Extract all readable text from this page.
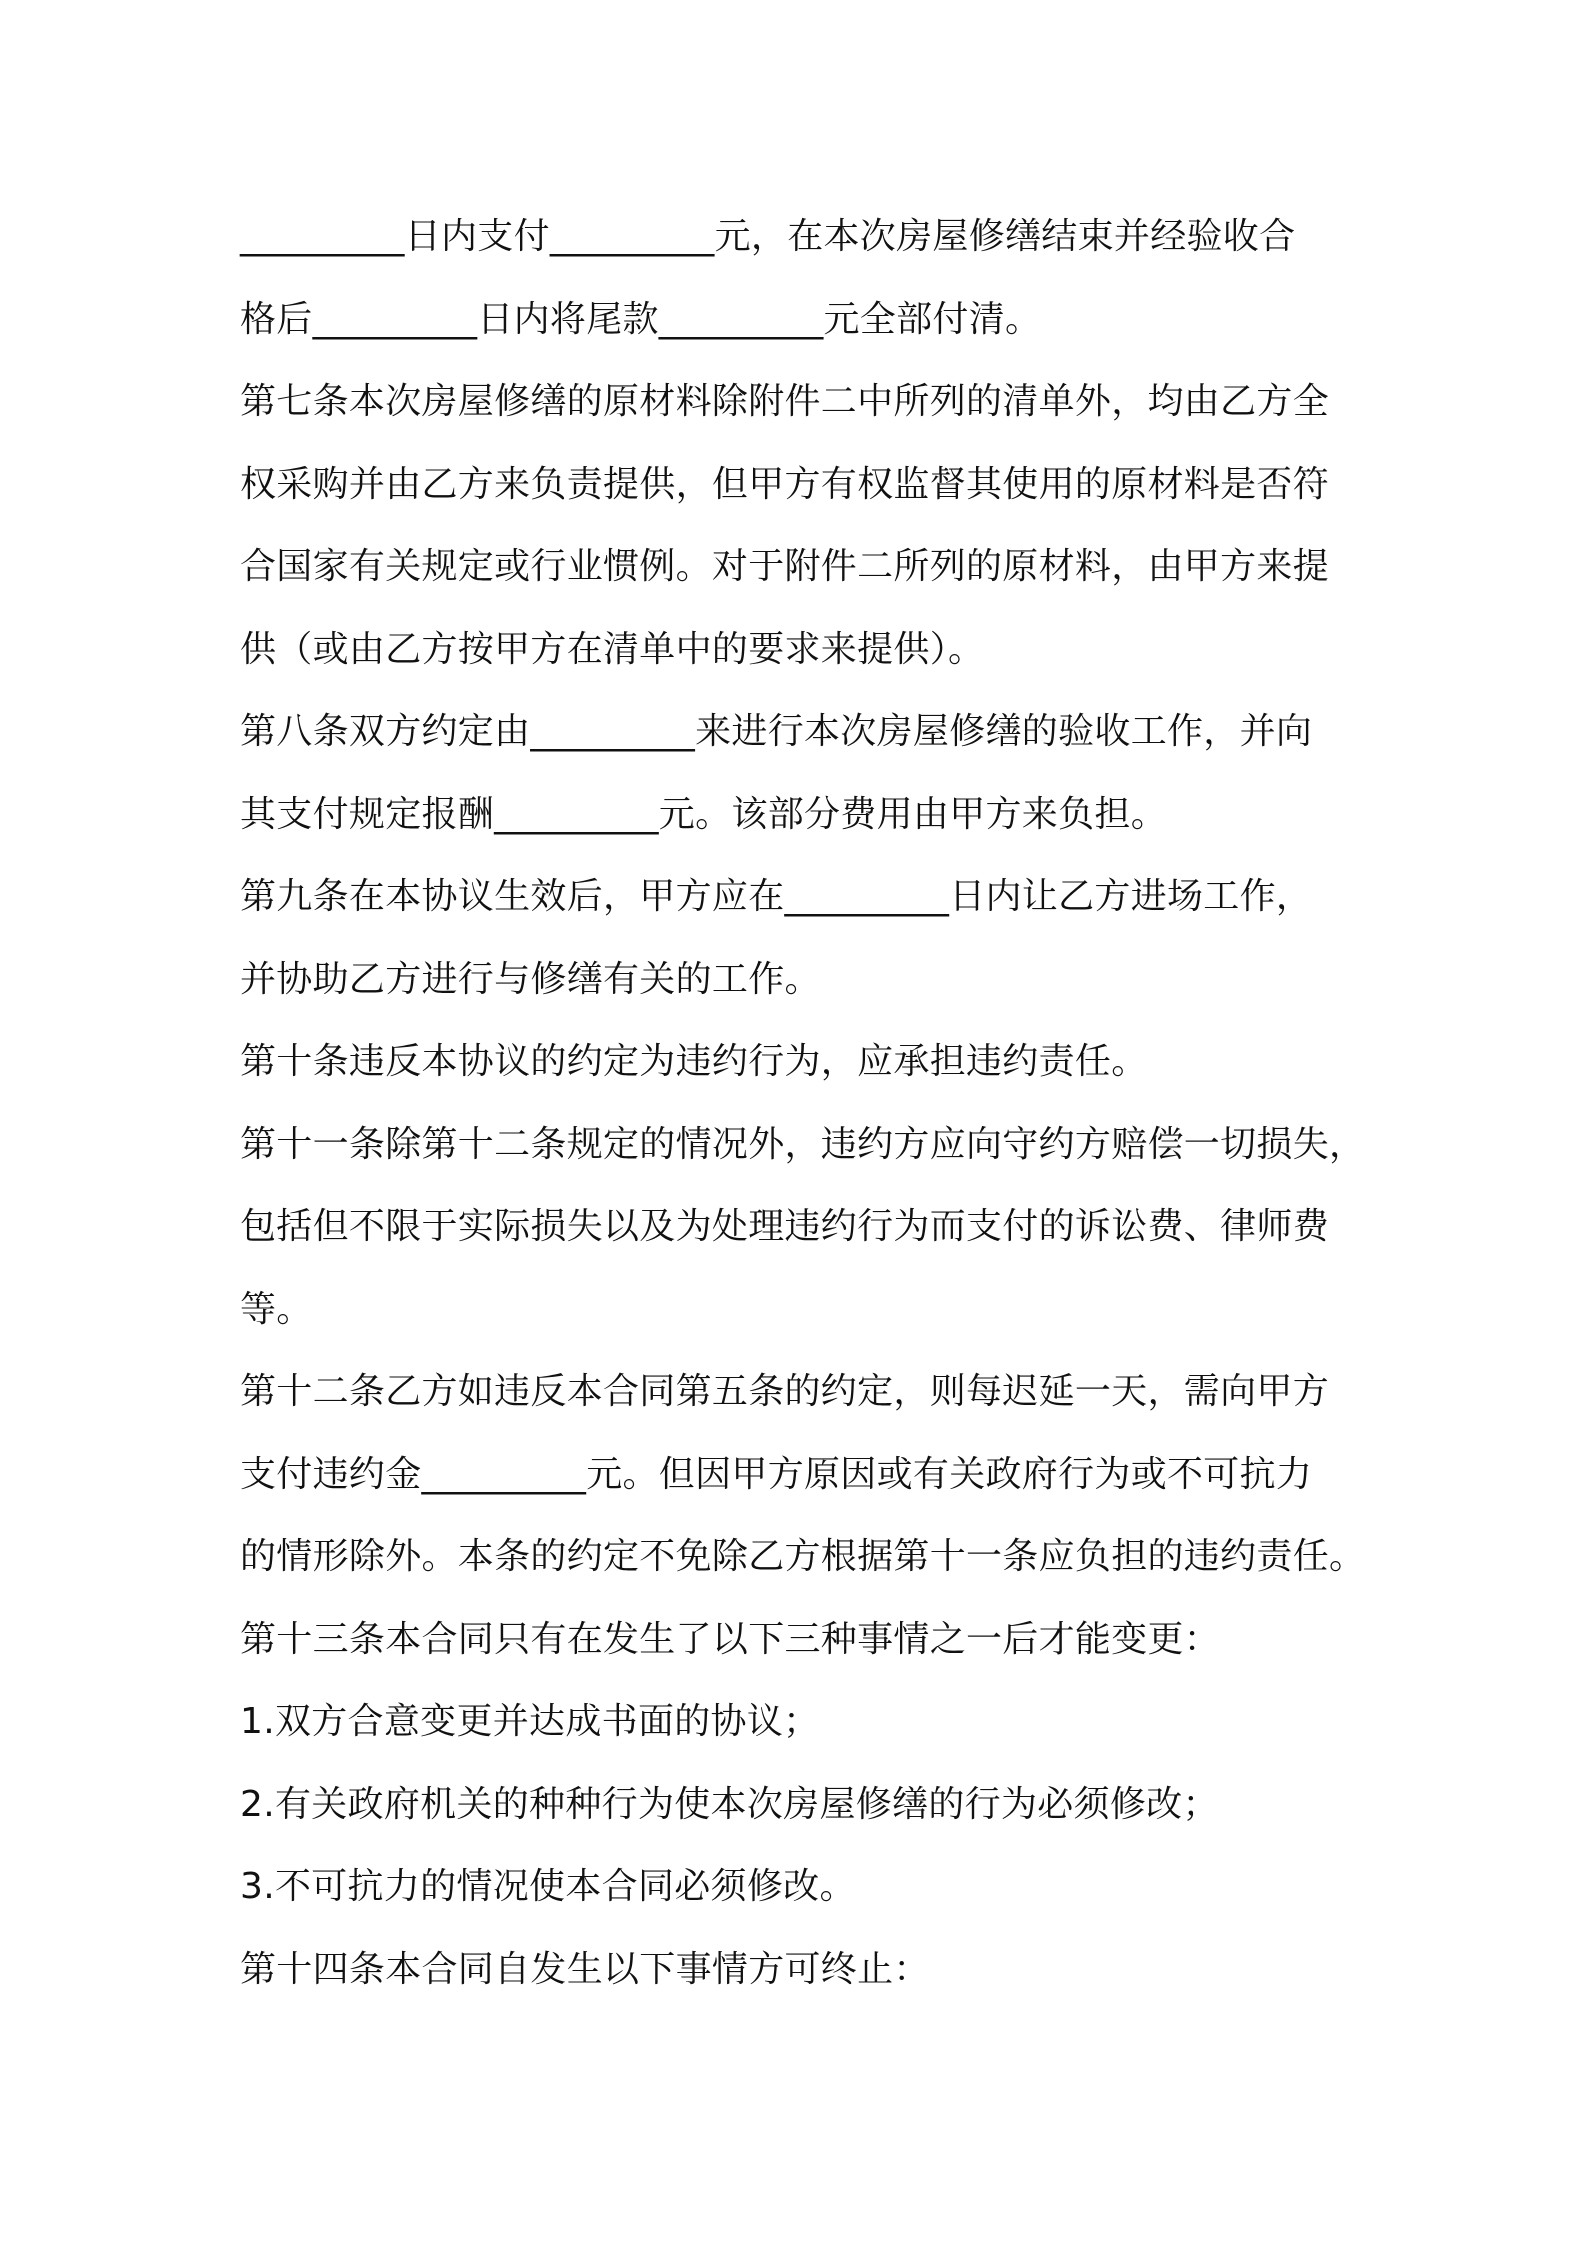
_________日内支付_________元，在本次房屋修缮结束并经验收合
格后_________日内将尾款_________元全部付清。
第七条本次房屋修缮的原材料除附件二中所列的清单外，均由乙方全
权采购并由乙方来负责提供，但甲方有权监督其使用的原材料是否符
合国家有关规定或行业惯例。对于附件二所列的原材料，由甲方来提
供（或由乙方按甲方在清单中的要求来提供）。
第八条双方约定由_________来进行本次房屋修缮的验收工作，并向
其支付规定报酬_________元。该部分费用由甲方来负担。
第九条在本协议生效后，甲方应在_________日内让乙方进场工作，
并协助乙方进行与修缮有关的工作。
第十条违反本协议的约定为违约行为，应承担违约责任。
第十一条除第十二条规定的情况外，违约方应向守约方赔偿一切损失，
包括但不限于实际损失以及为处理违约行为而支付的诉讼费、律师费
等。
第十二条乙方如违反本合同第五条的约定，则每迟延一天，需向甲方
支付违约金_________元。但因甲方原因或有关政府行为或不可抗力
的情形除外。本条的约定不免除乙方根据第十一条应负担的违约责任。
第十三条本合同只有在发生了以下三种事情之一后才能变更：
1.双方合意变更并达成书面的协议；
2.有关政府机关的种种行为使本次房屋修缮的行为必须修改；
3.不可抗力的情况使本合同必须修改。
第十四条本合同自发生以下事情方可终止：
